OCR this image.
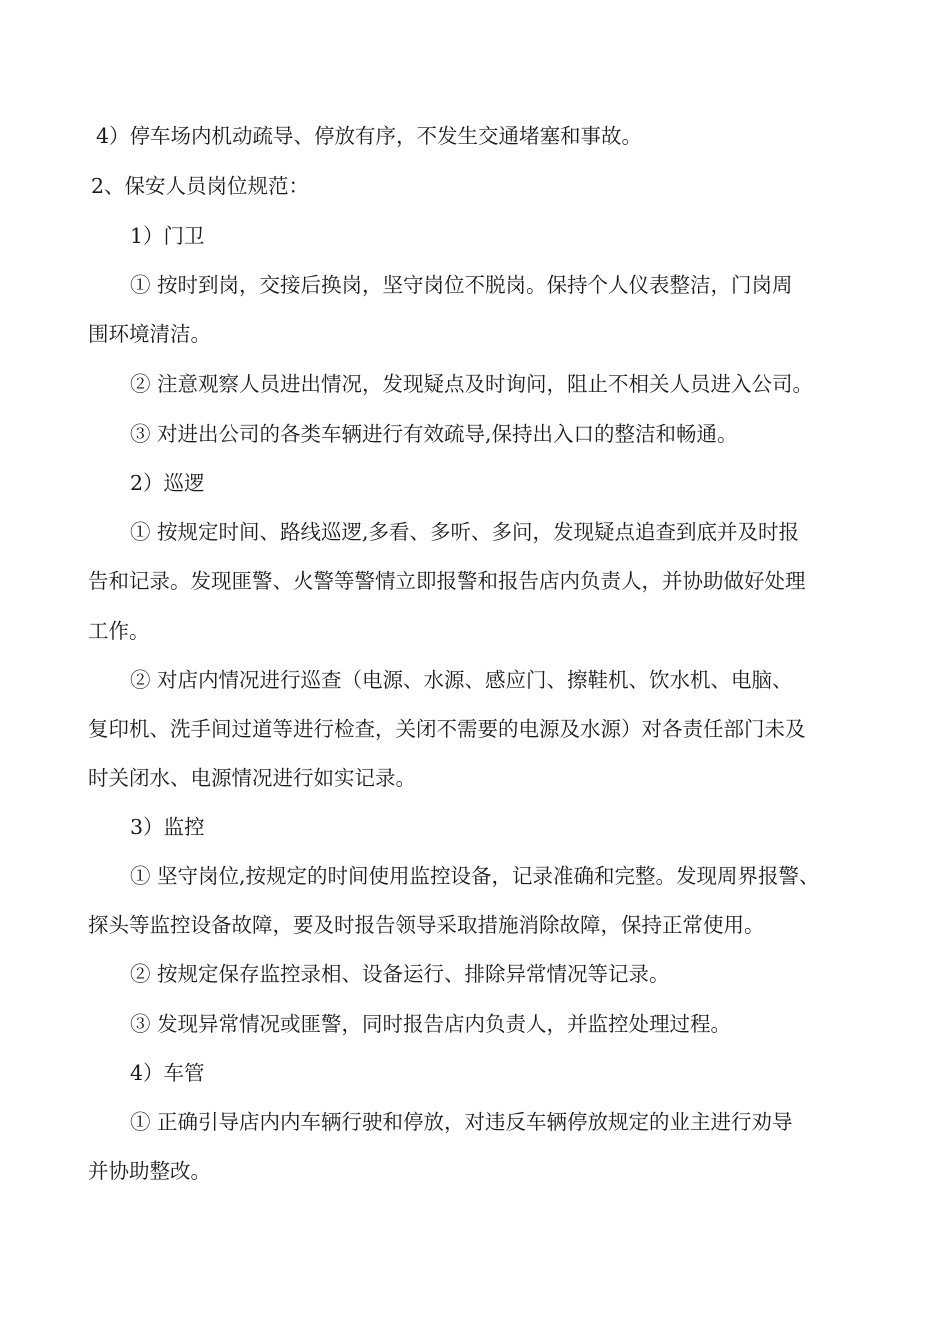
4）停车场内机动疏导、停放有序，不发生交通堵塞和事故。
2、保安人员岗位规范：
1）门卫
① 按时到岗，交接后换岗，坚守岗位不脱岗。保持个人仪表整洁，门岗周
围环境清洁。
② 注意观察人员进出情况，发现疑点及时询问，阻止不相关人员进入公司。
③ 对进出公司的各类车辆进行有效疏导,保持出入口的整洁和畅通。
2）巡逻
① 按规定时间、路线巡逻,多看、多听、多问，发现疑点追查到底并及时报
告和记录。发现匪警、火警等警情立即报警和报告店内负责人，并协助做好处理
工作。
② 对店内情况进行巡查（电源、水源、感应门、擦鞋机、饮水机、电脑、
复印机、洗手间过道等进行检查，关闭不需要的电源及水源）对各责任部门未及
时关闭水、电源情况进行如实记录。
3）监控
① 坚守岗位,按规定的时间使用监控设备，记录准确和完整。发现周界报警、
探头等监控设备故障，要及时报告领导采取措施消除故障，保持正常使用。
② 按规定保存监控录相、设备运行、排除异常情况等记录。
③ 发现异常情况或匪警，同时报告店内负责人，并监控处理过程。
4）车管
① 正确引导店内内车辆行驶和停放，对违反车辆停放规定的业主进行劝导
并协助整改。
